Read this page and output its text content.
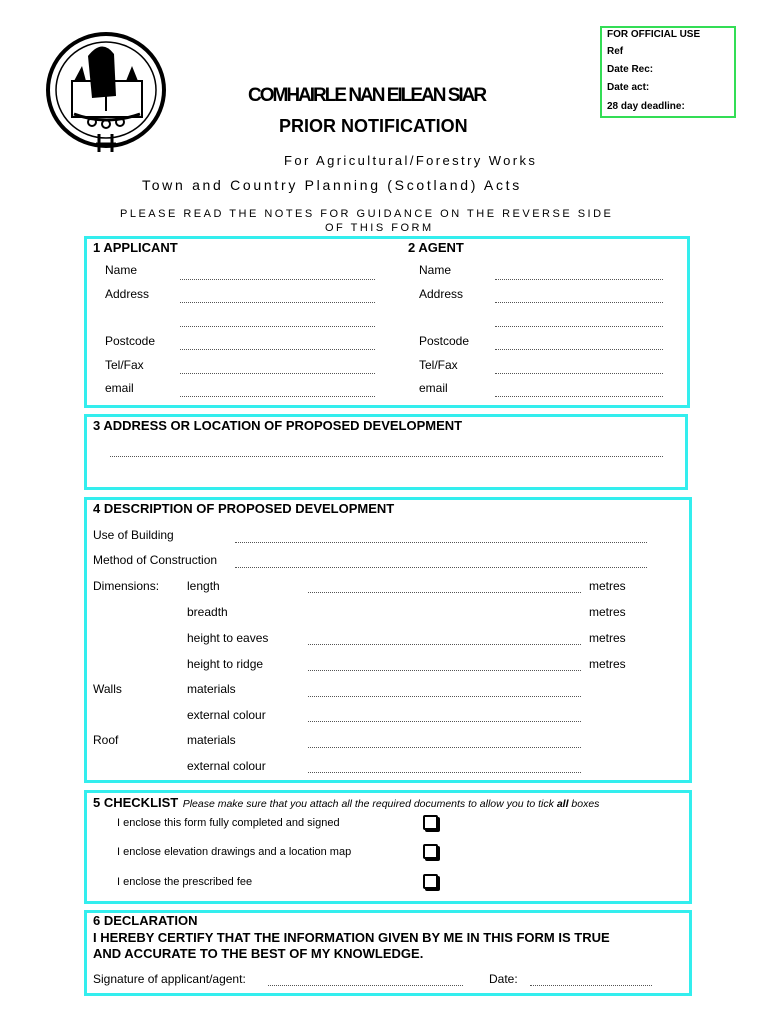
FOR OFFICIAL USE
Ref
Date Rec:
Date act:
28 day deadline:
COMHAIRLE NAN EILEAN SIAR
PRIOR NOTIFICATION
For Agricultural/Forestry Works
Town and Country Planning (Scotland) Acts
PLEASE READ THE NOTES FOR GUIDANCE ON THE REVERSE SIDE
OF THIS FORM
1 APPLICANT	2 AGENT
Name
Address
Postcode
Tel/Fax
email
Name
Address
Postcode
Tel/Fax
email
3 ADDRESS OR LOCATION OF PROPOSED DEVELOPMENT
4 DESCRIPTION OF PROPOSED DEVELOPMENT
Use of Building
Method of Construction
Dimensions: length	metres
breadth	metres
height to eaves	metres
height to ridge	metres
Walls	materials
external colour
Roof	materials
external colour
5 CHECKLIST Please make sure that you attach all the required documents to allow you to tick all boxes
I enclose this form fully completed and signed
I enclose elevation drawings and a location map
I enclose the prescribed fee
6 DECLARATION
I HEREBY CERTIFY THAT THE INFORMATION GIVEN BY ME IN THIS FORM IS TRUE
AND ACCURATE TO THE BEST OF MY KNOWLEDGE.
Signature of applicant/agent:	Date:
